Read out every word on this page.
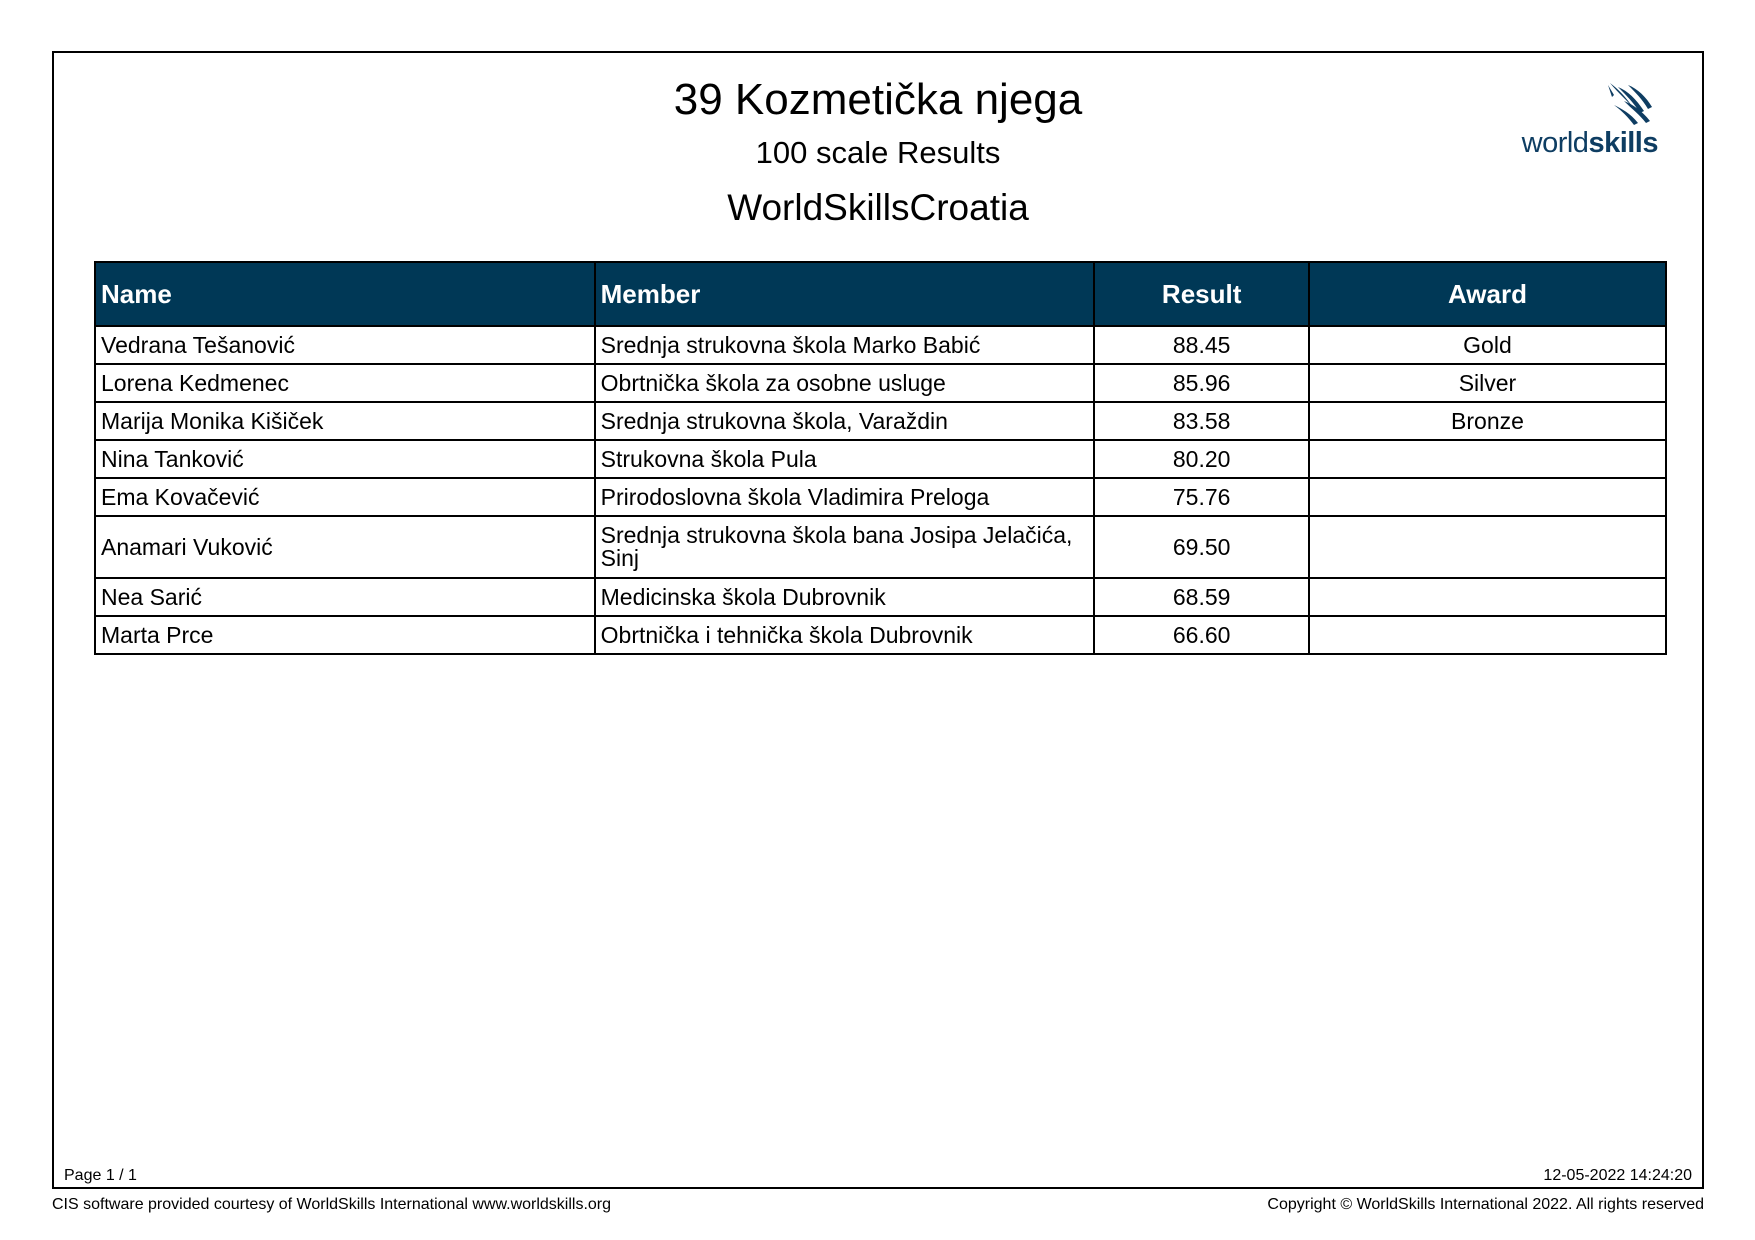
39 Kozmetička njega
100 scale Results
WorldSkillsCroatia
worldskills
Name	Member	Result	Award
Vedrana Tešanović	Srednja strukovna škola Marko Babić	88.45	Gold
Lorena Kedmenec	Obrtnička škola za osobne usluge	85.96	Silver
Marija Monika Kišiček	Srednja strukovna škola, Varaždin	83.58	Bronze
Nina Tanković	Strukovna škola Pula	80.20	
Ema Kovačević	Prirodoslovna škola Vladimira Preloga	75.76	
Anamari Vuković	Srednja strukovna škola bana Josipa Jelačića, Sinj	69.50	
Nea Sarić	Medicinska škola Dubrovnik	68.59	
Marta Prce	Obrtnička i tehnička škola Dubrovnik	66.60	
Page 1 / 1	12-05-2022 14:24:20
CIS software provided courtesy of WorldSkills International www.worldskills.org	Copyright © WorldSkills International 2022. All rights reserved
